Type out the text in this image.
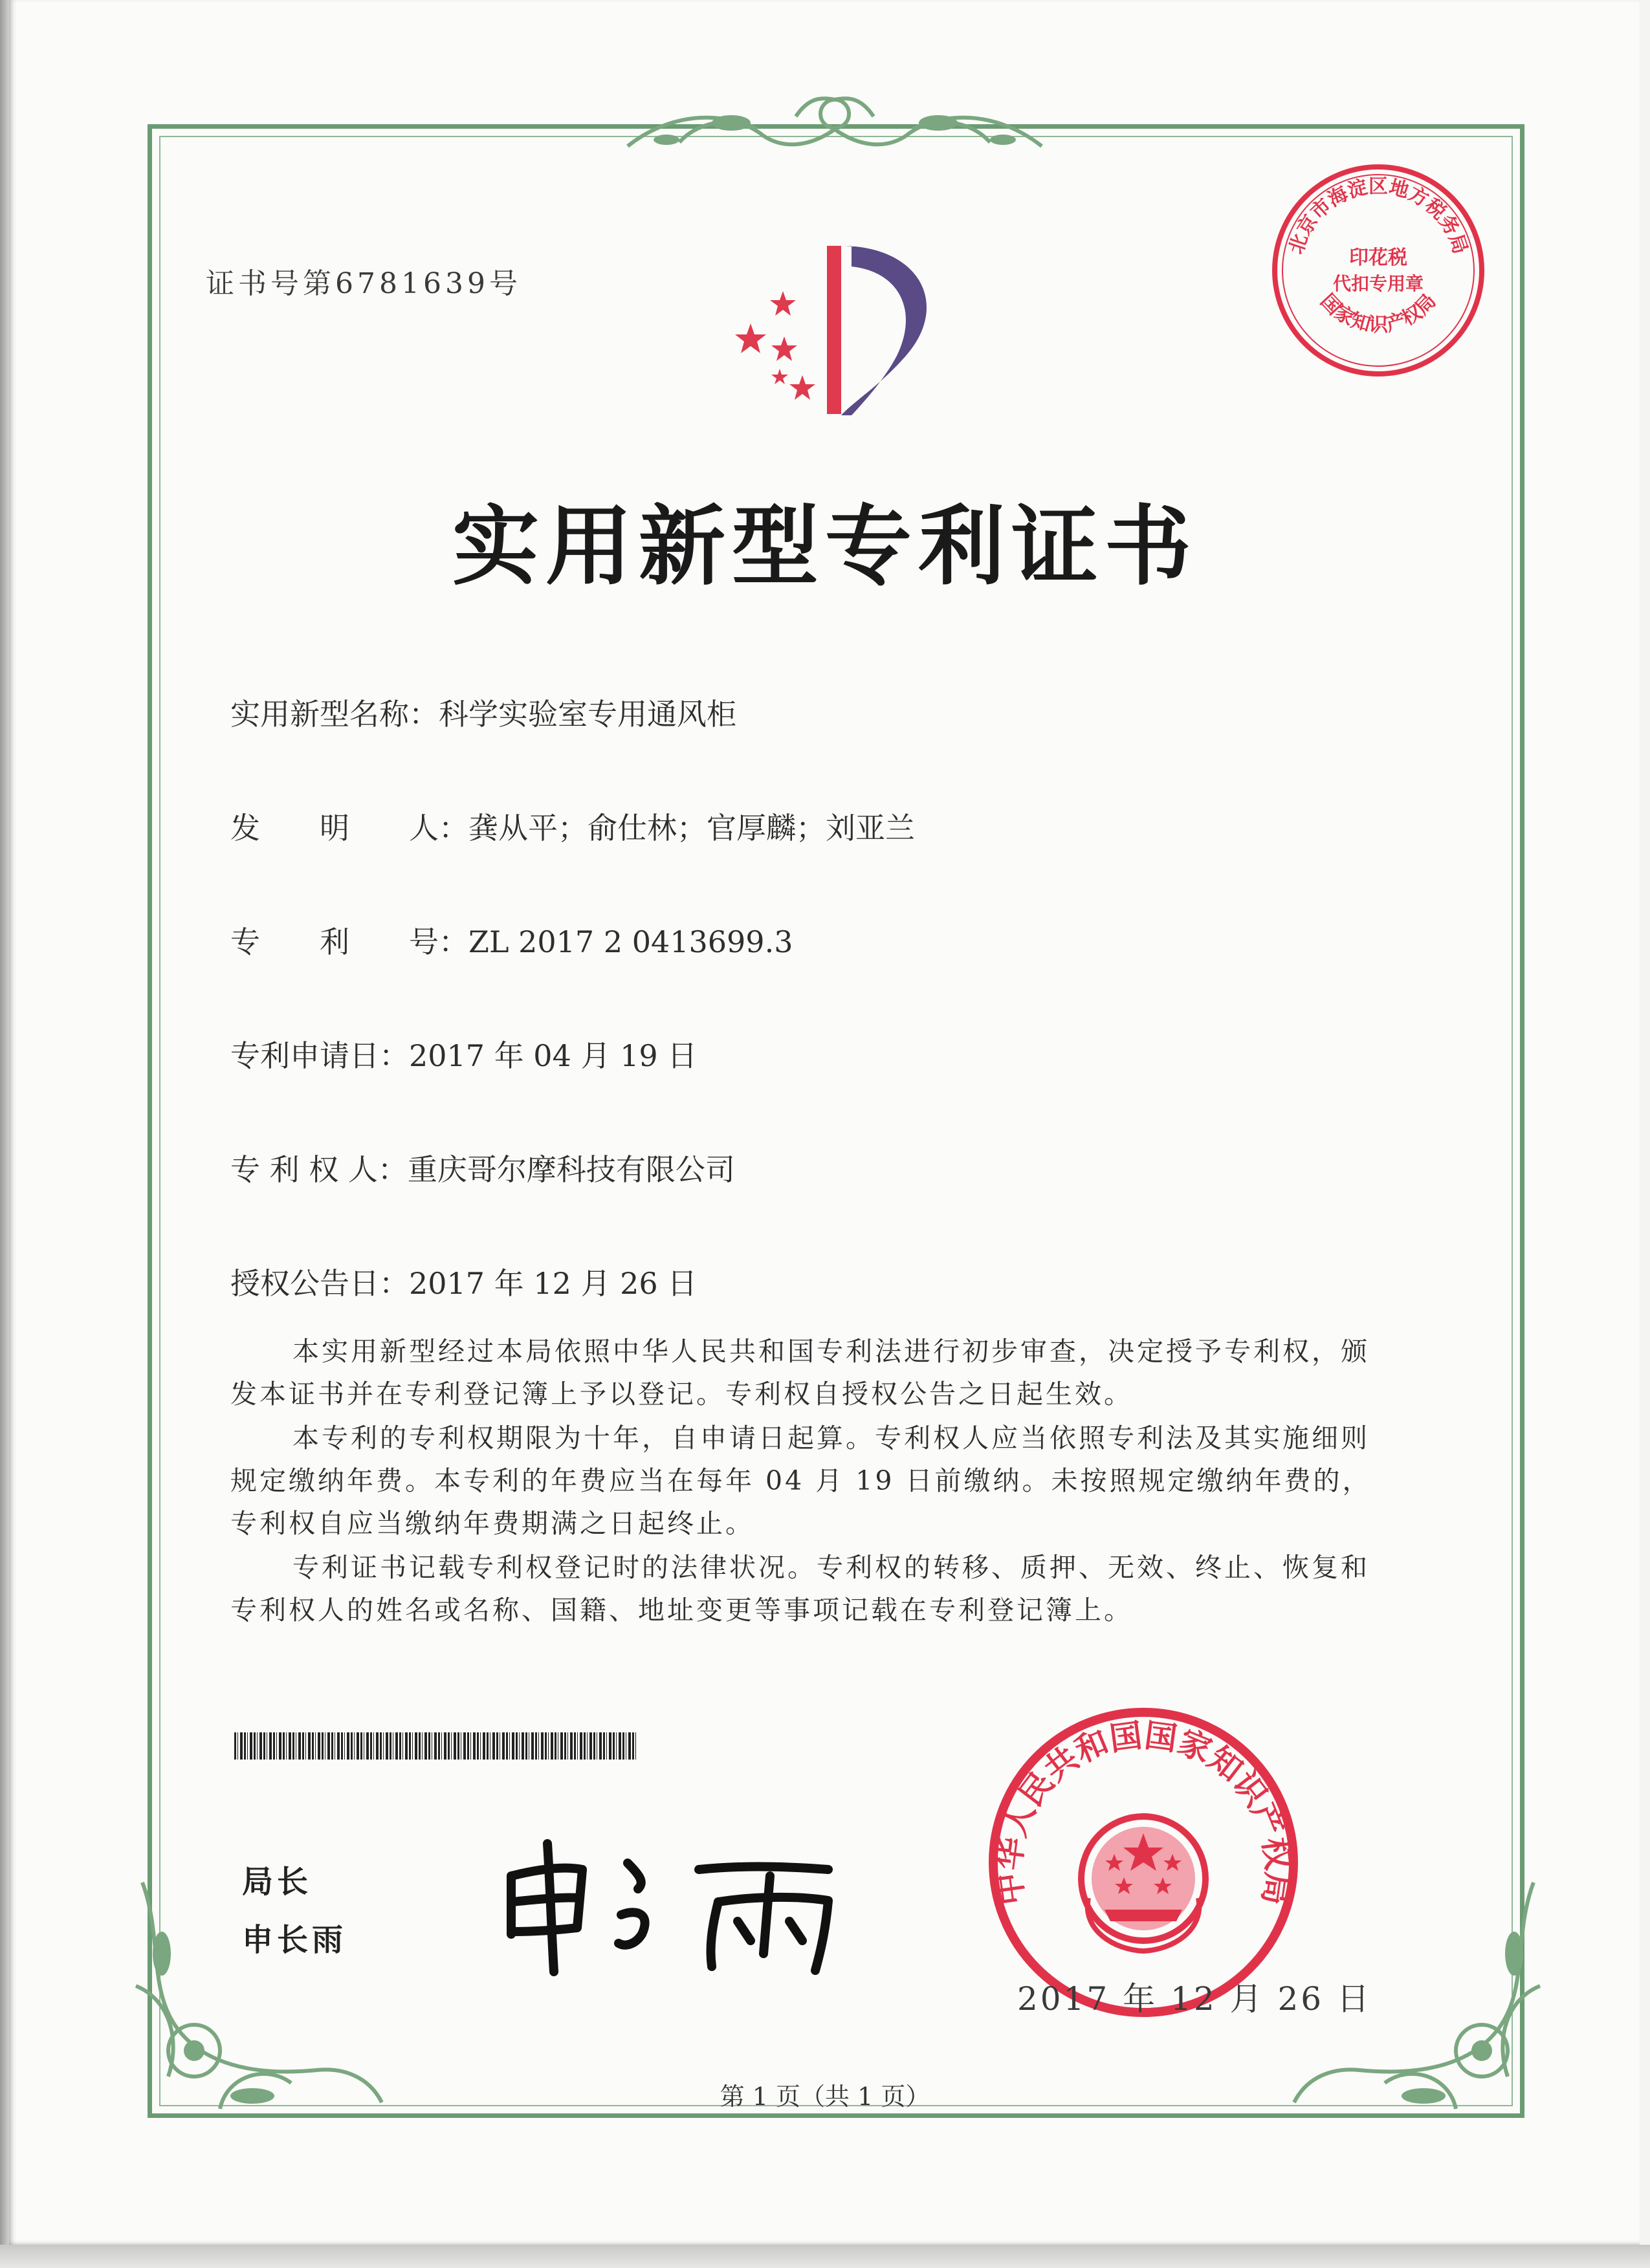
证书号第6781639号
北京市海淀区地方税务局
国家知识产权局
印花税
代扣专用章
实用新型专利证书
实用新型名称：科学实验室专用通风柜
发　　明　　人：龚从平；俞仕林；官厚麟；刘亚兰
专　　利　　号：ZL 2017 2 0413699.3
专利申请日：2017 年 04 月 19 日
专 利 权 人：重庆哥尔摩科技有限公司
授权公告日：2017 年 12 月 26 日

本实用新型经过本局依照中华人民共和国专利法进行初步审查，决定授予专利权，颁发本证书并在专利登记簿上予以登记。专利权自授权公告之日起生效。

本专利的专利权期限为十年，自申请日起算。专利权人应当依照专利法及其实施细则规定缴纳年费。本专利的年费应当在每年 04 月 19 日前缴纳。未按照规定缴纳年费的，专利权自应当缴纳年费期满之日起终止。

专利证书记载专利权登记时的法律状况。专利权的转移、质押、无效、终止、恢复和专利权人的姓名或名称、国籍、地址变更等事项记载在专利登记簿上。

局长
申长雨
中华人民共和国国家知识产权局
2017 年 12 月 26 日
第 1 页（共 1 页）
